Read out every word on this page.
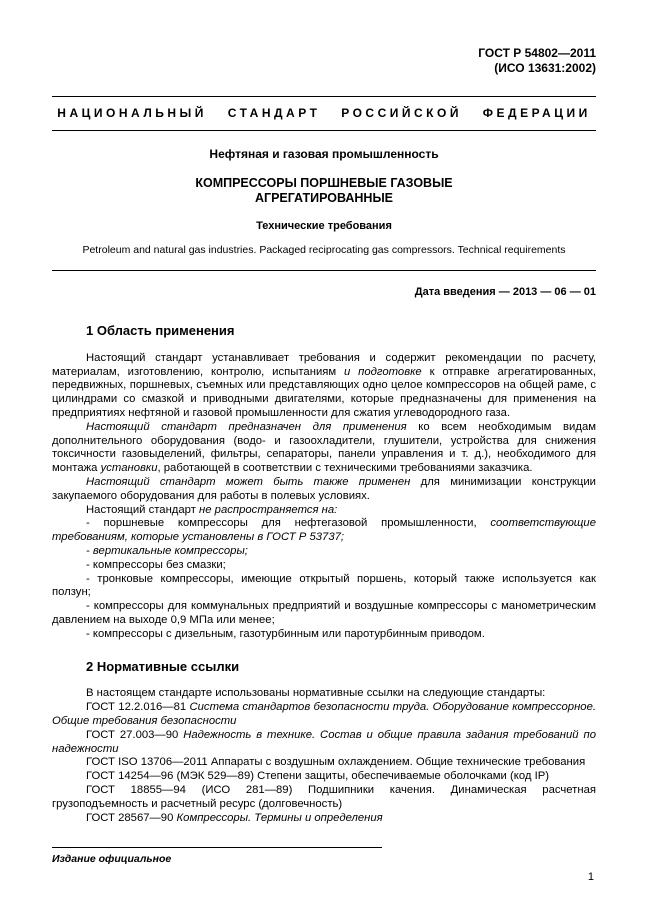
ГОСТ Р 54802—2011
(ИСО 13631:2002)
НАЦИОНАЛЬНЫЙ СТАНДАРТ РОССИЙСКОЙ ФЕДЕРАЦИИ
Нефтяная и газовая промышленность
КОМПРЕССОРЫ ПОРШНЕВЫЕ ГАЗОВЫЕ
АГРЕГАТИРОВАННЫЕ
Технические требования
Petroleum and natural gas industries. Packaged reciprocating gas compressors. Technical requirements
Дата введения — 2013 — 06 — 01
1 Область применения

Настоящий стандарт устанавливает требования и содержит рекомендации по расчету, материалам, изготовлению, контролю, испытаниям и подготовке к отправке агрегатированных, передвижных, поршневых, съемных или представляющих одно целое компрессоров на общей раме, с цилиндрами со смазкой и приводными двигателями, которые предназначены для применения на предприятиях нефтяной и газовой промышленности для сжатия углеводородного газа.

Настоящий стандарт предназначен для применения ко всем необходимым видам дополнительного оборудования (водо- и газоохладители, глушители, устройства для снижения токсичности газовыделений, фильтры, сепараторы, панели управления и т. д.), необходимого для монтажа установки, работающей в соответствии с техническими требованиями заказчика.

Настоящий стандарт может быть также применен для минимизации конструкции закупаемого оборудования для работы в полевых условиях.

Настоящий стандарт не распространяется на:

- поршневые компрессоры для нефтегазовой промышленности, соответствующие требованиям, которые установлены в ГОСТ Р 53737;

- вертикальные компрессоры;

- компрессоры без смазки;

- тронковые компрессоры, имеющие открытый поршень, который также используется как ползун;

- компрессоры для коммунальных предприятий и воздушные компрессоры с манометрическим давлением на выходе 0,9 МПа или менее;

- компрессоры с дизельным, газотурбинным или паротурбинным приводом.

2 Нормативные ссылки

В настоящем стандарте использованы нормативные ссылки на следующие стандарты:

ГОСТ 12.2.016—81 Система стандартов безопасности труда. Оборудование компрессорное. Общие требования безопасности

ГОСТ 27.003—90 Надежность в технике. Состав и общие правила задания требований по надежности

ГОСТ ISO 13706—2011 Аппараты с воздушным охлаждением. Общие технические требования

ГОСТ 14254—96 (МЭК 529—89) Степени защиты, обеспечиваемые оболочками (код IP)

ГОСТ 18855—94 (ИСО 281—89) Подшипники качения. Динамическая расчетная грузоподъемность и расчетный ресурс (долговечность)

ГОСТ 28567—90 Компрессоры. Термины и определения

Издание официальное
1
